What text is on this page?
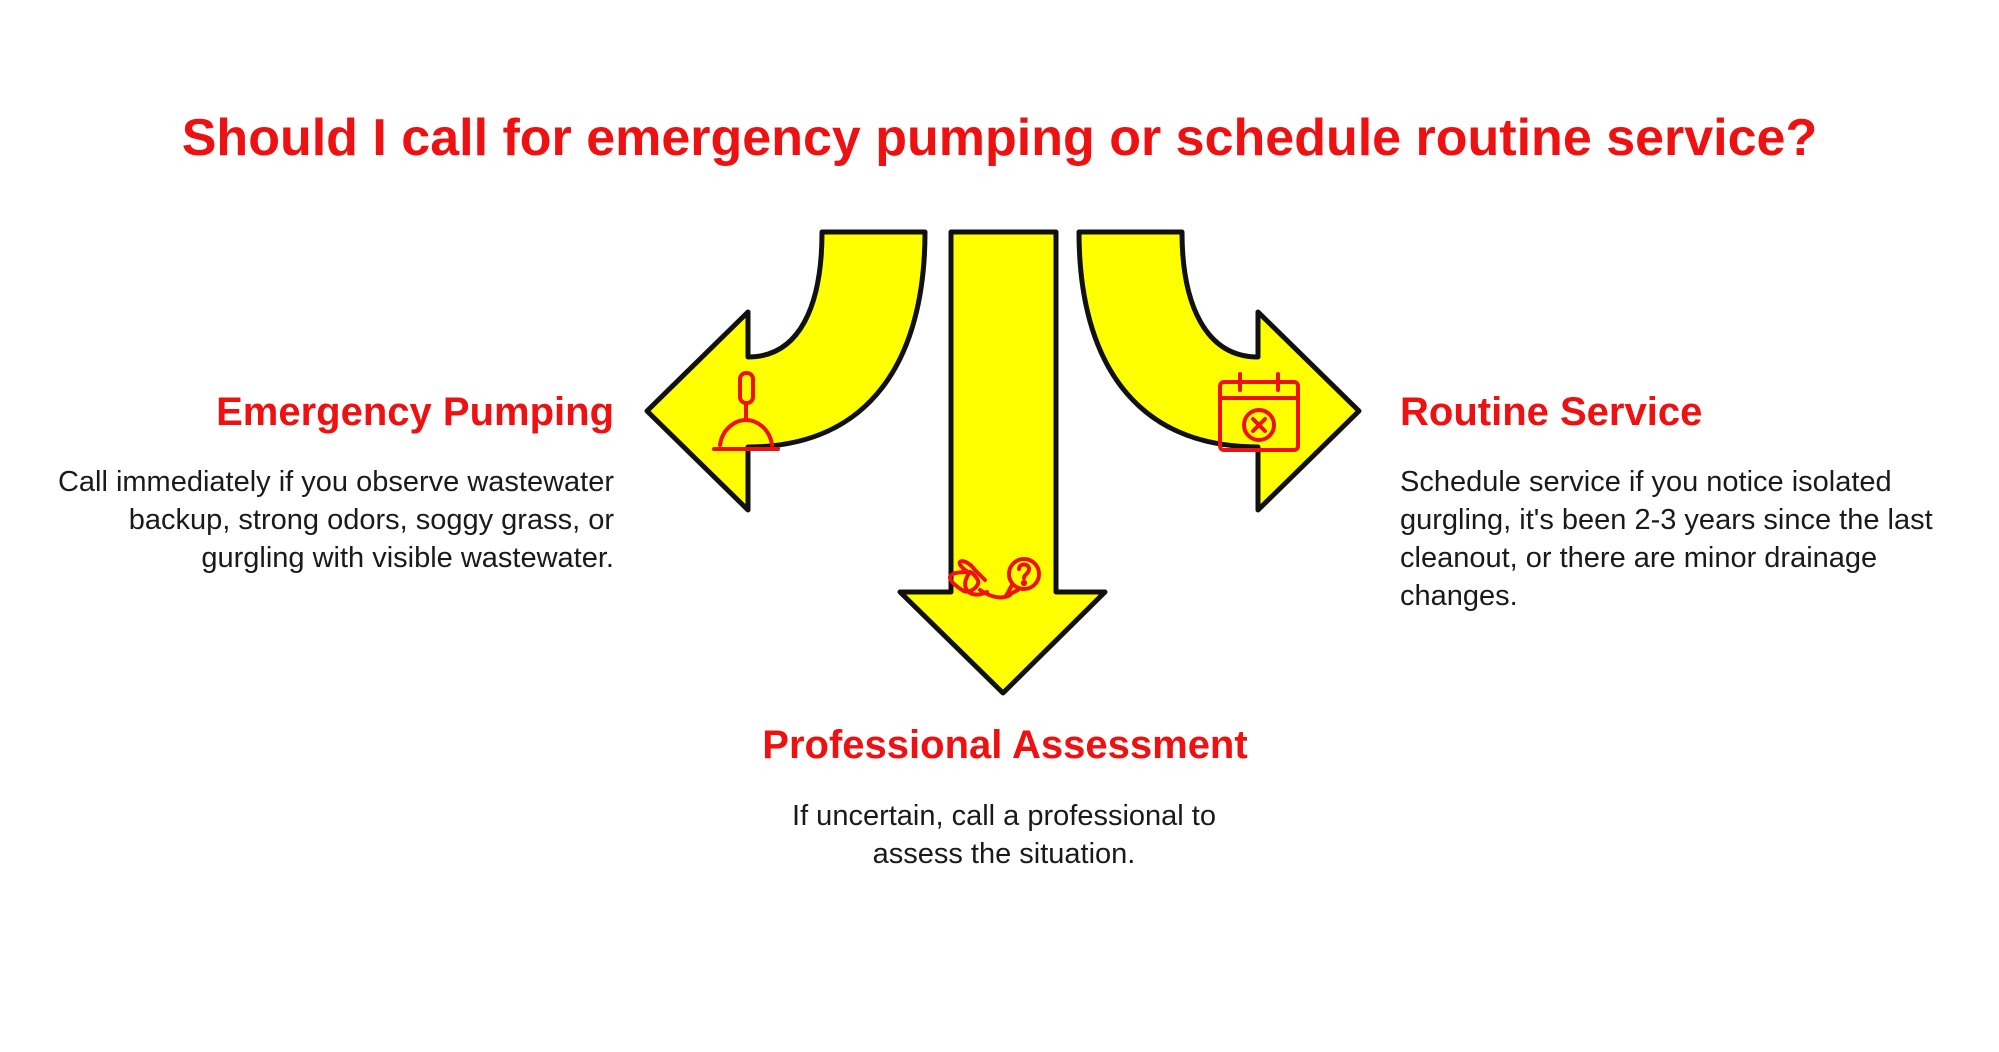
Should I call for emergency pumping or schedule routine service?
Emergency Pumping

Call immediately if you observe wastewater backup, strong odors, soggy grass, or gurgling with visible wastewater.

Routine Service

Schedule service if you notice isolated gurgling, it's been 2-3 years since the last cleanout, or there are minor drainage changes.

Professional Assessment

If uncertain, call a professional to assess the situation.
